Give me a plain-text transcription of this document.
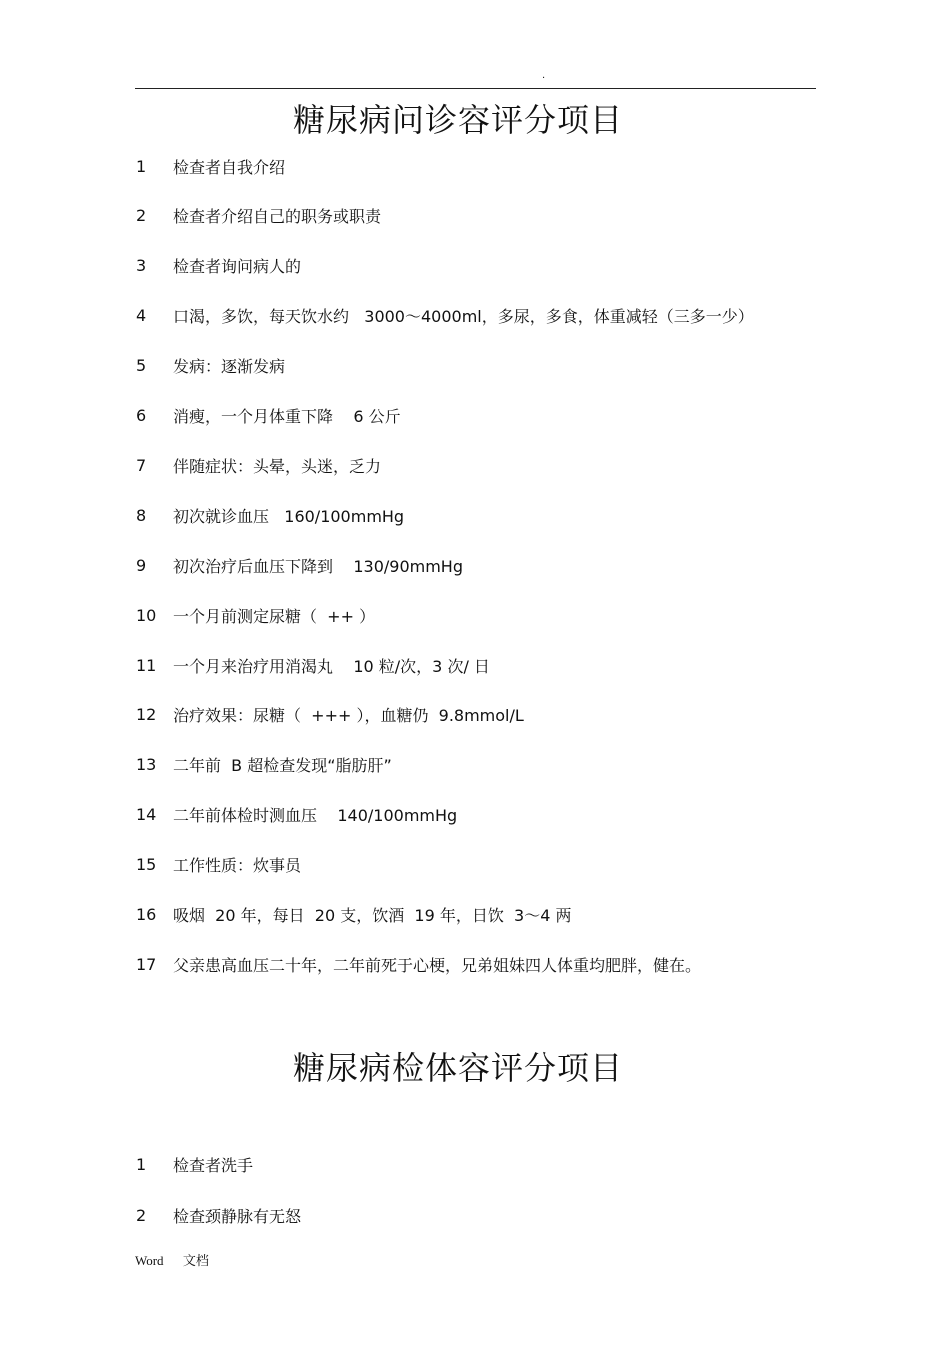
.
糖尿病问诊容评分项目
1	检查者自我介绍
2	检查者介绍自己的职务或职责
3	检查者询问病人的
4	口渴，多饮，每天饮水约   3000～4000ml，多尿，多食，体重减轻（三多一少）
5	发病：逐渐发病
6	消瘦，一个月体重下降    6 公斤
7	伴随症状：头晕，头迷，乏力
8	初次就诊血压   160/100mmHg
9	初次治疗后血压下降到    130/90mmHg
10	一个月前测定尿糖（  ++ ）
11	一个月来治疗用消渴丸    10 粒/次，3 次/ 日
12	治疗效果：尿糖（  +++ ），血糖仍  9.8mmol/L
13	二年前  B 超检查发现“脂肪肝”
14	二年前体检时测血压    140/100mmHg
15	工作性质：炊事员
16	吸烟  20 年，每日  20 支，饮酒  19 年，日饮  3～4 两
17	父亲患高血压二十年，二年前死于心梗，兄弟姐妹四人体重均肥胖，健在。
糖尿病检体容评分项目
1	检查者洗手
2	检查颈静脉有无怒
Word 文档
